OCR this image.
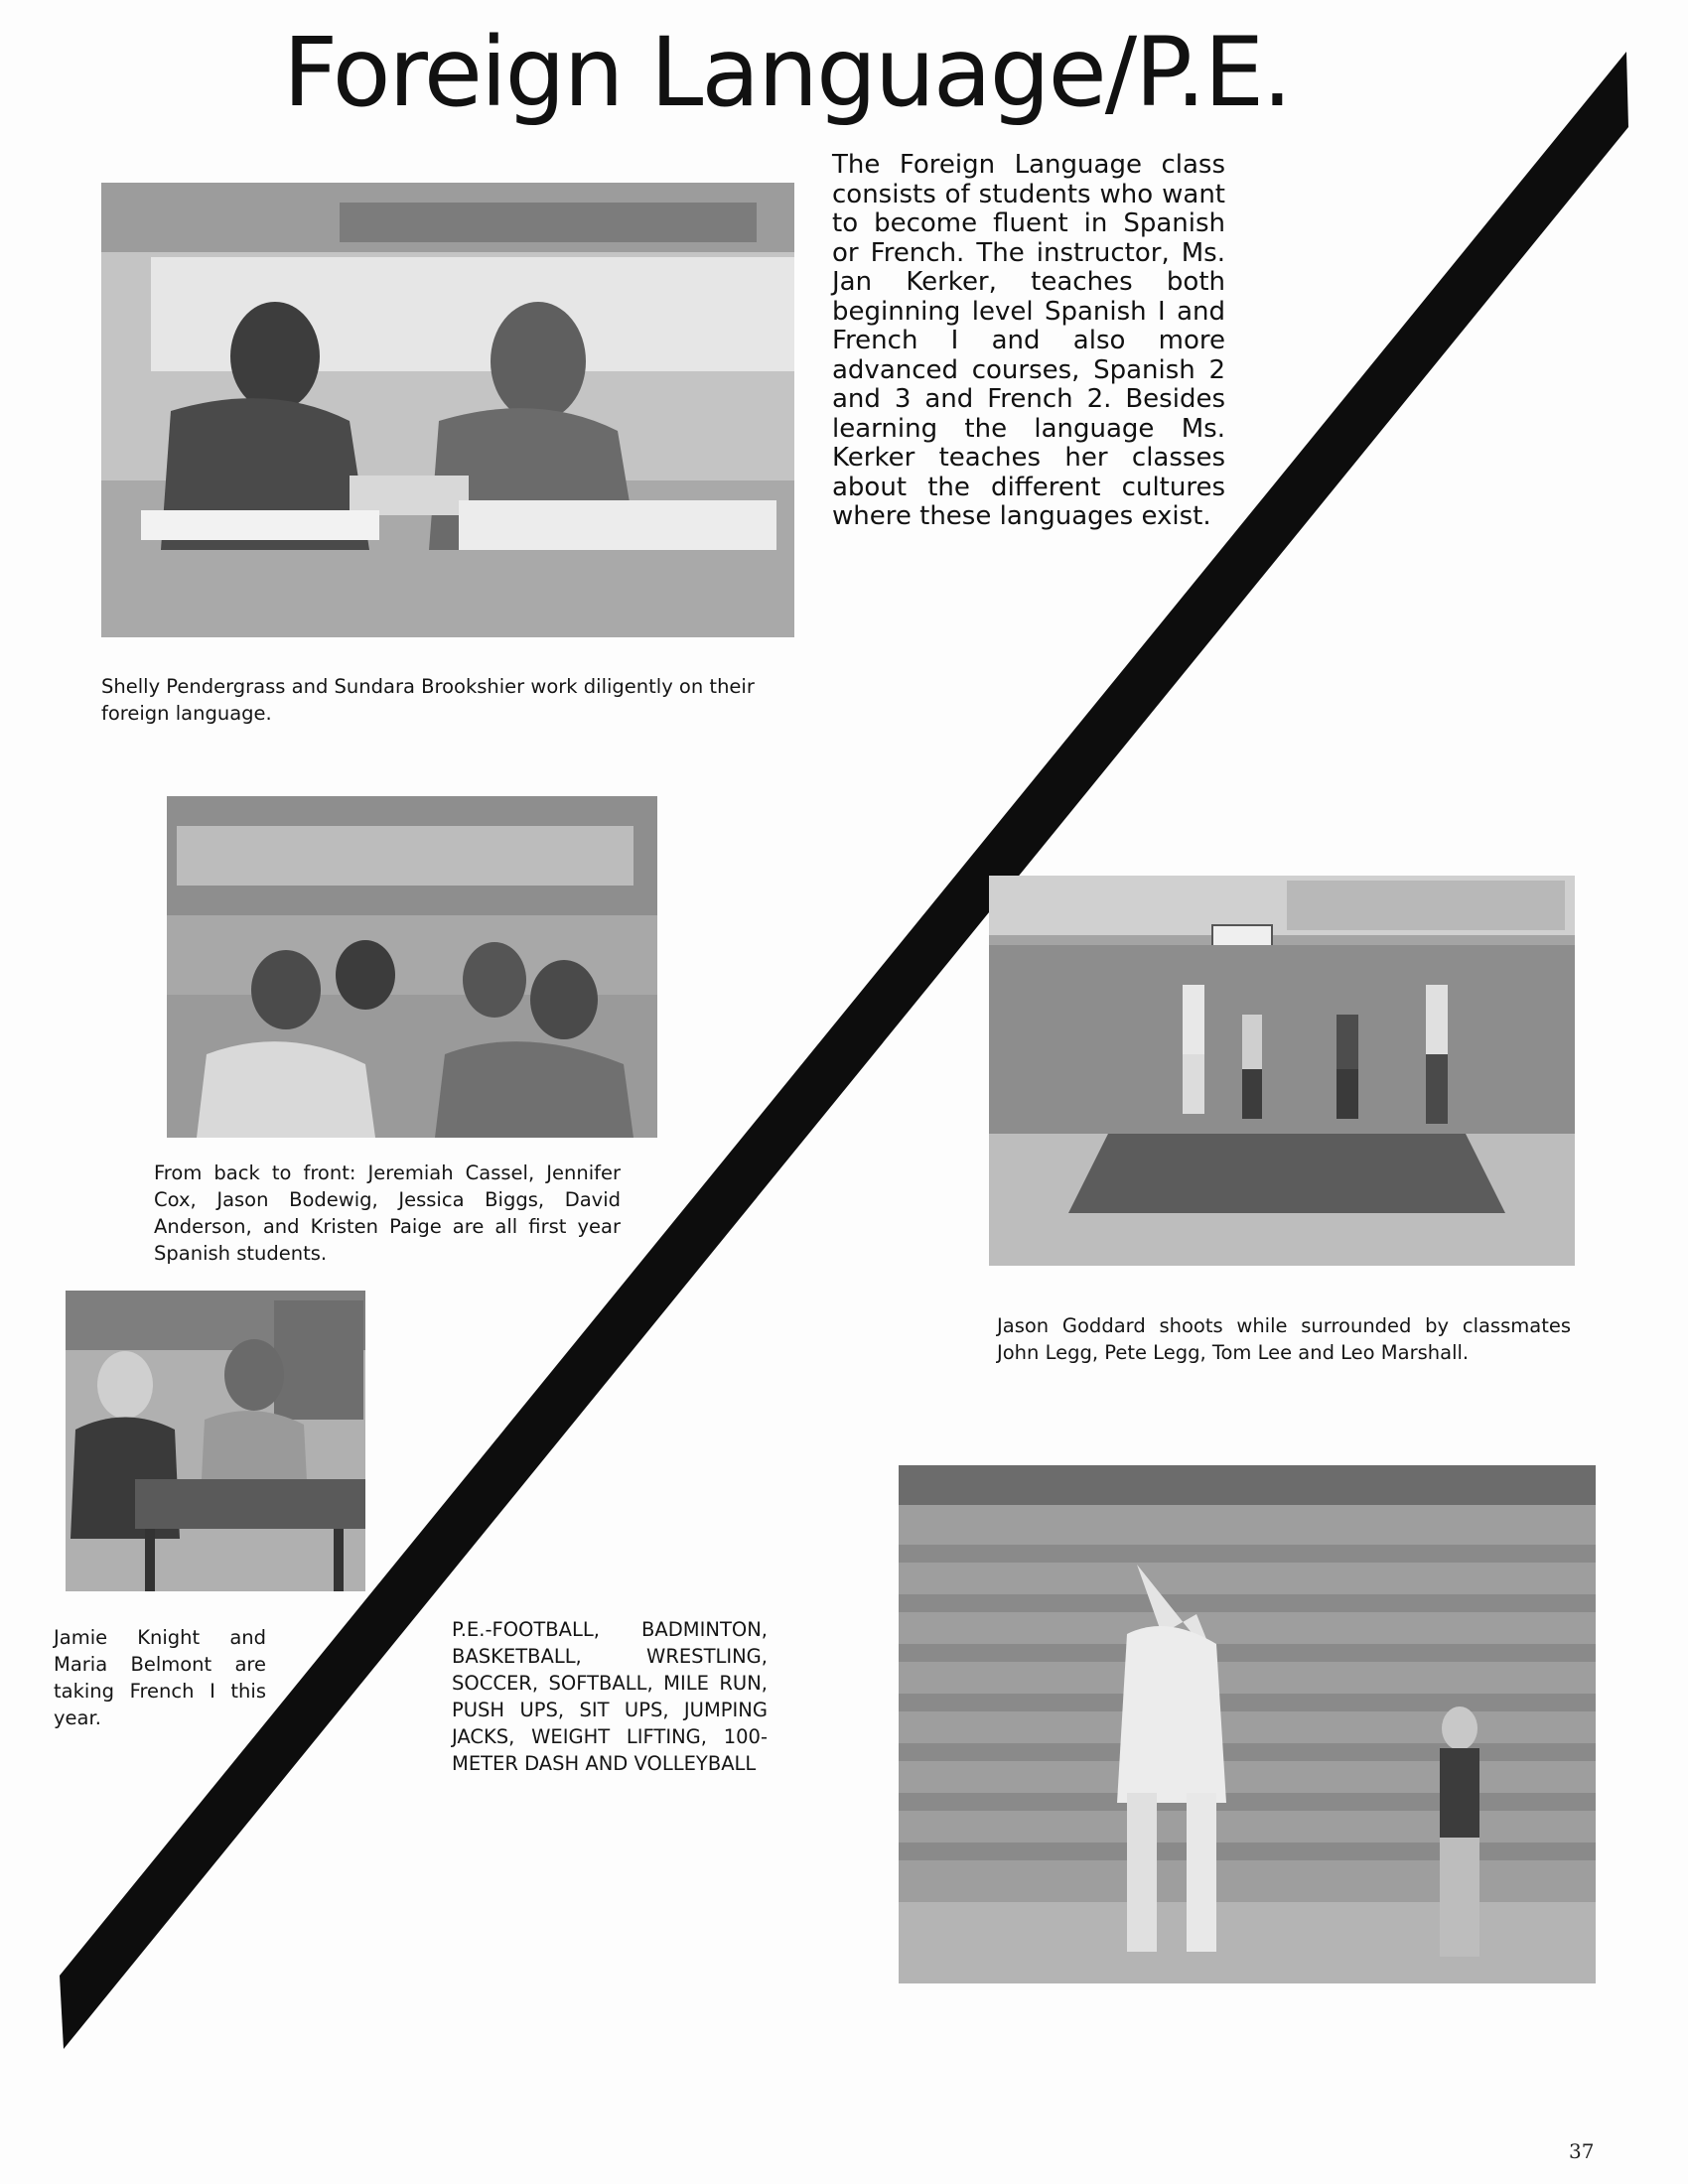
Foreign Language/P.E.
The Foreign Language class consists of students who want to become fluent in Spanish or French. The instructor, Ms. Jan Kerker, teaches both beginning level Spanish I and French I and also more advanced courses, Spanish 2 and 3 and French 2. Besides learning the language Ms. Kerker teaches her classes about the different cultures where these languages exist.
Shelly Pendergrass and Sundara Brookshier work diligently on their foreign language.
From back to front: Jeremiah Cassel, Jennifer Cox, Jason Bodewig, Jessica Biggs, David Anderson, and Kristen Paige are all first year Spanish students.
Jamie Knight and Maria Belmont are taking French I this year.
Jason Goddard shoots while surrounded by classmates John Legg, Pete Legg, Tom Lee and Leo Marshall.
P.E.-FOOTBALL, BADMINTON, BASKETBALL, WRESTLING, SOCCER, SOFTBALL, MILE RUN, PUSH UPS, SIT UPS, JUMPING JACKS, WEIGHT LIFTING, 100-METER DASH AND VOLLEYBALL
37
